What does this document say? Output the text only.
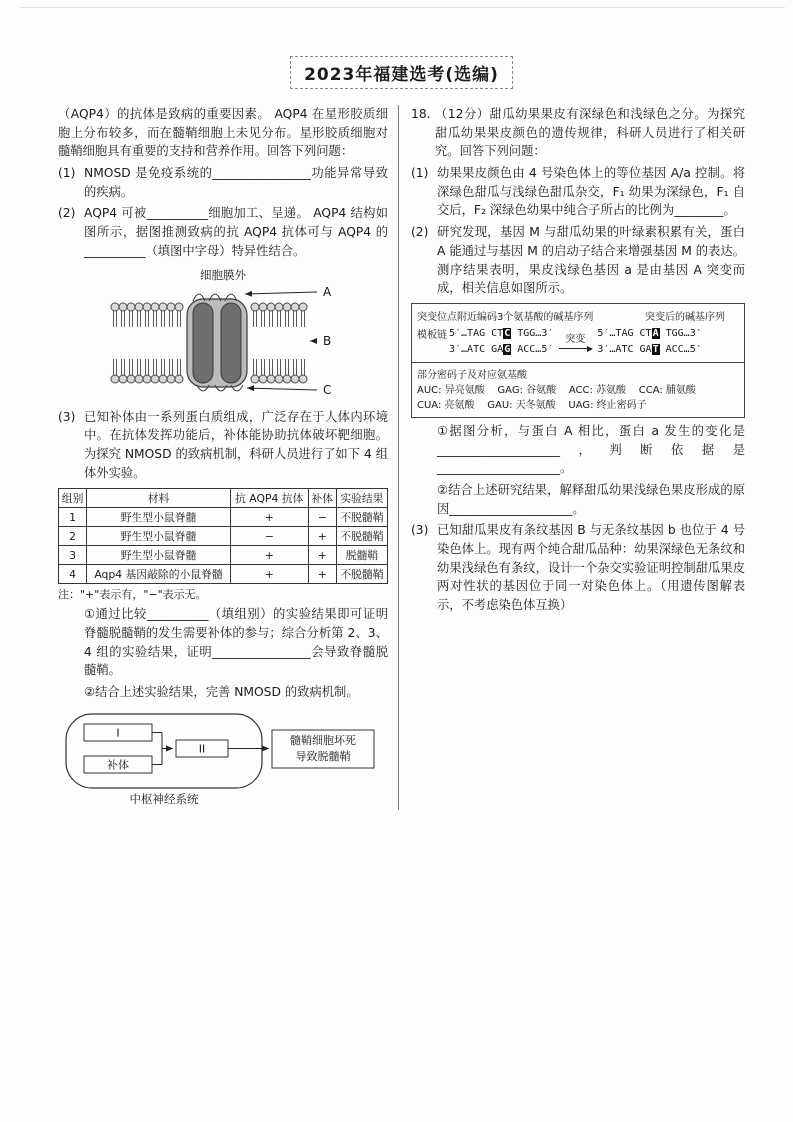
2023年福建选考(选编)

（AQP4）的抗体是致病的重要因素。 AQP4 在星形胶质细胞上分布较多，而在髓鞘细胞上未见分布。星形胶质细胞对髓鞘细胞具有重要的支持和营养作用。回答下列问题：

(1) NMOSD 是免疫系统的________________功能异常导致的疾病。
(2) AQP4 可被__________细胞加工、呈递。 AQP4 结构如图所示，据图推测致病的抗 AQP4 抗体可与 AQP4 的__________（填图中字母）特异性结合。
细胞膜外
A
B
C
(3) 已知补体由一系列蛋白质组成，广泛存在于人体内环境中。在抗体发挥功能后，补体能协助抗体破坏靶细胞。为探究 NMOSD 的致病机制，科研人员进行了如下 4 组体外实验。
组别	材料	抗 AQP4 抗体	补体	实验结果
1	野生型小鼠脊髓	+	−	不脱髓鞘
2	野生型小鼠脊髓	−	+	不脱髓鞘
3	野生型小鼠脊髓	+	+	脱髓鞘
4	Aqp4 基因敲除的小鼠脊髓	+	+	不脱髓鞘
注："+"表示有，"−"表示无。

①通过比较__________（填组别）的实验结果即可证明脊髓脱髓鞘的发生需要补体的参与；综合分析第 2、3、4 组的实验结果，证明________________会导致脊髓脱髓鞘。

②结合上述实验结果，完善 NMOSD 的致病机制。

I
补体
II
髓鞘细胞坏死
导致脱髓鞘
中枢神经系统
18. （12分）甜瓜幼果果皮有深绿色和浅绿色之分。为探究甜瓜幼果果皮颜色的遗传规律，科研人员进行了相关研究。回答下列问题：
(1) 幼果果皮颜色由 4 号染色体上的等位基因 A/a 控制。将深绿色甜瓜与浅绿色甜瓜杂交，F₁ 幼果为深绿色，F₁ 自交后，F₂ 深绿色幼果中纯合子所占的比例为________。
(2) 研究发现，基因 M 与甜瓜幼果的叶绿素积累有关，蛋白 A 能通过与基因 M 的启动子结合来增强基因 M 的表达。测序结果表明，果皮浅绿色基因 a 是由基因 A 突变而成，相关信息如图所示。
突变位点附近编码3个氨基酸的碱基序列	突变后的碱基序列
模板链 5′…TAG CTC TGG…3′
3′…ATC GAG ACC…5′
突变
5′…TAG CTA TGG…3′
3′…ATC GAT ACC…5′
部分密码子及对应氨基酸
AUC: 异亮氨酸    GAG: 谷氨酸    ACC: 苏氨酸    CCA: 脯氨酸
CUA: 亮氨酸    GAU: 天冬氨酸    UAG: 终止密码子

①据图分析，与蛋白 A 相比，蛋白 a 发生的变化是____________________，判断依据是____________________。

②结合上述研究结果，解释甜瓜幼果浅绿色果皮形成的原因____________________。

(3) 已知甜瓜果皮有条纹基因 B 与无条纹基因 b 也位于 4 号染色体上。现有两个纯合甜瓜品种：幼果深绿色无条纹和幼果浅绿色有条纹，设计一个杂交实验证明控制甜瓜果皮两对性状的基因位于同一对染色体上。（用遗传图解表示，不考虑染色体互换）
